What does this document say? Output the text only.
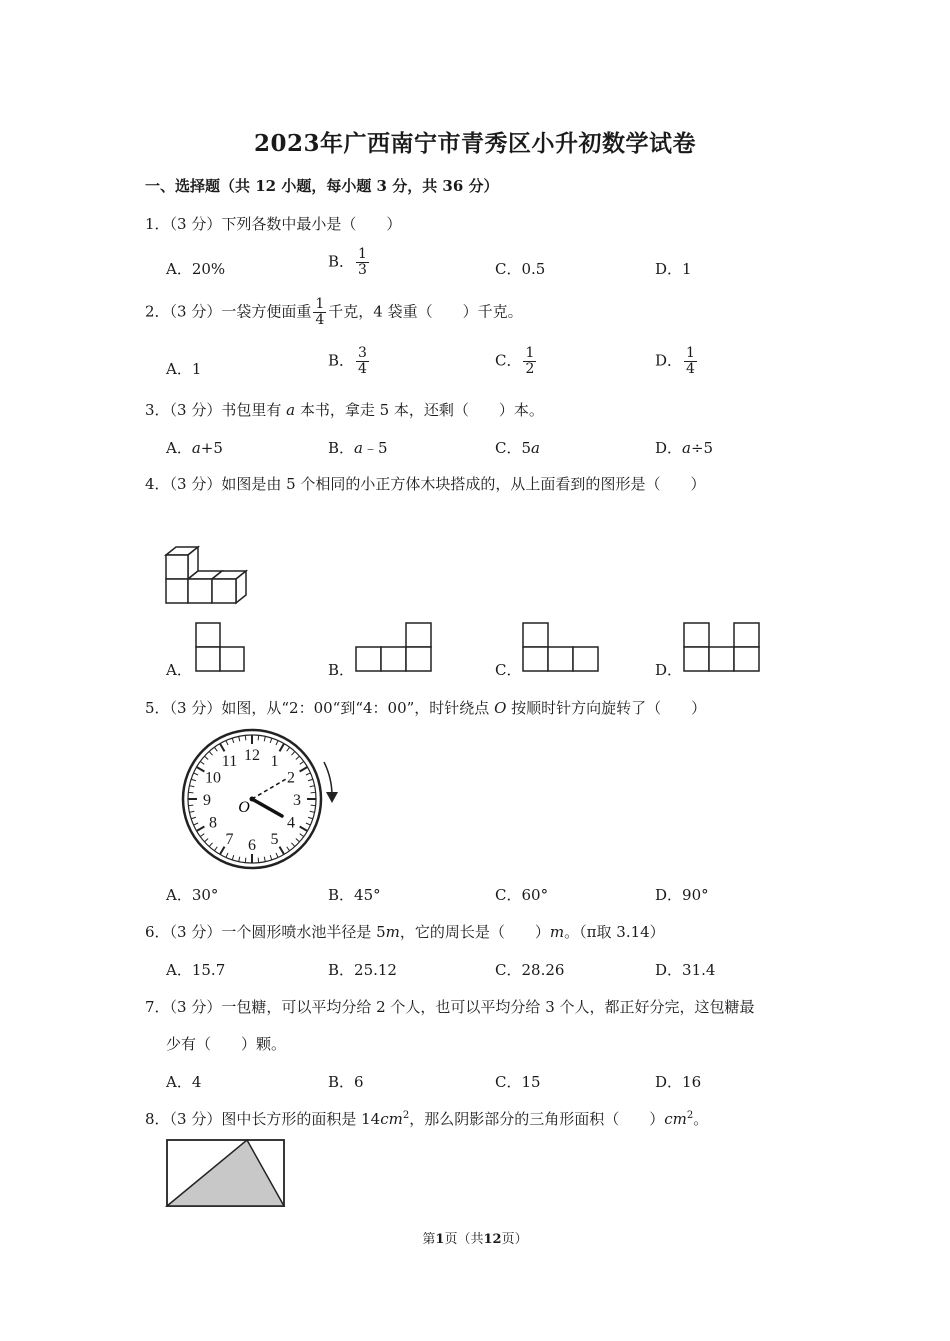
2023年广西南宁市青秀区小升初数学试卷
一、选择题（共 12 小题，每小题 3 分，共 36 分）
1．（3 分）下列各数中最小是（　　）
A．20%	B． $\frac{1}{3}$	C．0.5	D．1
2．（3 分）一袋方便面重 $\frac{1}{4}$ 千克，4 袋重（　　）千克。
A．1	B． $\frac{3}{4}$	C． $\frac{1}{2}$	D． $\frac{1}{4}$
3．（3 分）书包里有 a 本书，拿走 5 本，还剩（　　）本。
A．a+5	B．a﹣5	C．5a	D．a÷5
4．（3 分）如图是由 5 个相同的小正方体木块搭成的，从上面看到的图形是（　　）
12 1
2
3
4
5
6
7
8
9
10
11
O
A．	B．	C．	D．
5．（3 分）如图，从“2：00“到“4：00”，时针绕点 O 按顺时针方向旋转了（　　）
A．30°	B．45°	C．60°	D．90°
6．（3 分）一个圆形喷水池半径是 5m，它的周长是（　　）m。（π取 3.14）
A．15.7	B．25.12	C．28.26	D．31.4
7．（3 分）一包糖，可以平均分给 2 个人，也可以平均分给 3 个人，都正好分完，这包糖最
少有（　　）颗。
A．4	B．6	C．15	D．16
8．（3 分）图中长方形的面积是 $14cm^2$，那么阴影部分的三角形面积（　　）$cm^2$。
第1页（共12页）
